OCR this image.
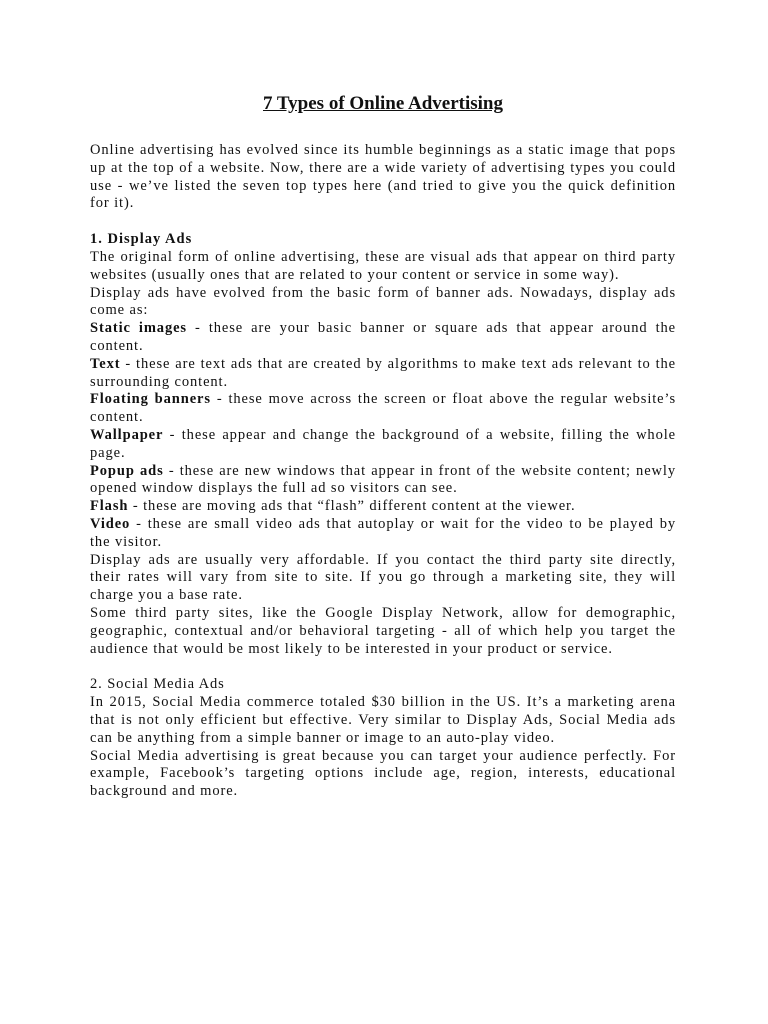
7 Types of Online Advertising

Online advertising has evolved since its humble beginnings as a static image that pops up at the top of a website. Now, there are a wide variety of advertising types you could use - we’ve listed the seven top types here (and tried to give you the quick definition for it).

1. Display Ads

The original form of online advertising, these are visual ads that appear on third party websites (usually ones that are related to your content or service in some way).

Display ads have evolved from the basic form of banner ads. Nowadays, display ads come as:

Static images - these are your basic banner or square ads that appear around the content.

Text - these are text ads that are created by algorithms to make text ads relevant to the surrounding content.

Floating banners - these move across the screen or float above the regular website’s content.

Wallpaper - these appear and change the background of a website, filling the whole page.

Popup ads - these are new windows that appear in front of the website content; newly opened window displays the full ad so visitors can see.

Flash - these are moving ads that “flash” different content at the viewer.

Video - these are small video ads that autoplay or wait for the video to be played by the visitor.

Display ads are usually very affordable. If you contact the third party site directly, their rates will vary from site to site. If you go through a marketing site, they will charge you a base rate.

Some third party sites, like the Google Display Network, allow for demographic, geographic, contextual and/or behavioral targeting - all of which help you target the audience that would be most likely to be interested in your product or service.

2. Social Media Ads

In 2015, Social Media commerce totaled $30 billion in the US. It’s a marketing arena that is not only efficient but effective. Very similar to Display Ads, Social Media ads can be anything from a simple banner or image to an auto-play video.

Social Media advertising is great because you can target your audience perfectly. For example, Facebook’s targeting options include age, region, interests, educational background and more.
